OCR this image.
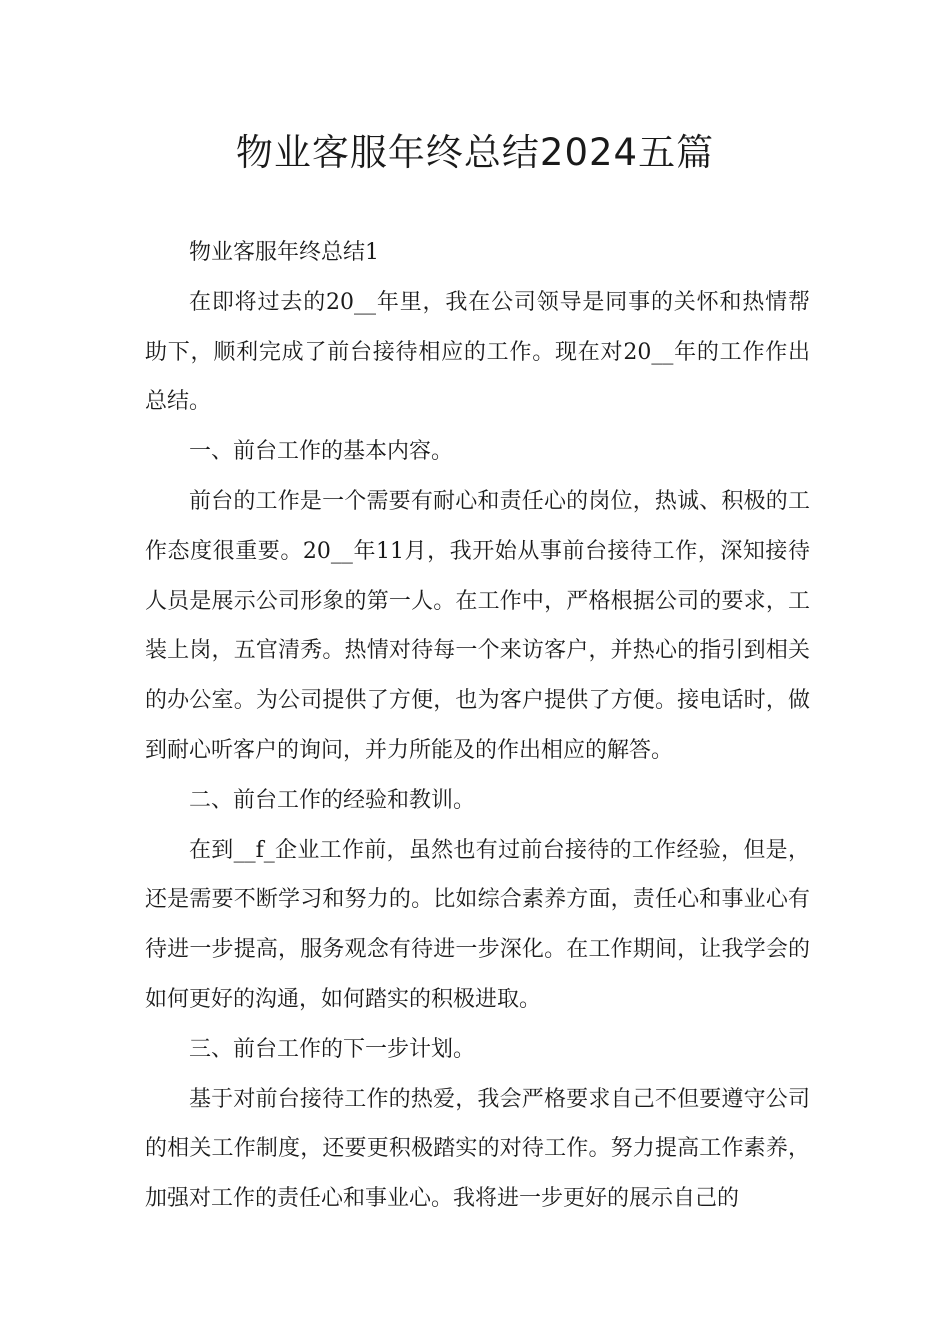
物业客服年终总结2024五篇

物业客服年终总结1

在即将过去的20__年里，我在公司领导是同事的关怀和热情帮助下，顺利完成了前台接待相应的工作。现在对20__年的工作作出总结。

一、前台工作的基本内容。

前台的工作是一个需要有耐心和责任心的岗位，热诚、积极的工作态度很重要。20__年11月，我开始从事前台接待工作，深知接待人员是展示公司形象的第一人。在工作中，严格根据公司的要求，工装上岗，五官清秀。热情对待每一个来访客户，并热心的指引到相关的办公室。为公司提供了方便，也为客户提供了方便。接电话时，做到耐心听客户的询问，并力所能及的作出相应的解答。

二、前台工作的经验和教训。

在到__f_企业工作前，虽然也有过前台接待的工作经验，但是，还是需要不断学习和努力的。比如综合素养方面，责任心和事业心有待进一步提高，服务观念有待进一步深化。在工作期间，让我学会的如何更好的沟通，如何踏实的积极进取。

三、前台工作的下一步计划。

基于对前台接待工作的热爱，我会严格要求自己不但要遵守公司的相关工作制度，还要更积极踏实的对待工作。努力提高工作素养，加强对工作的责任心和事业心。我将进一步更好的展示自己的
